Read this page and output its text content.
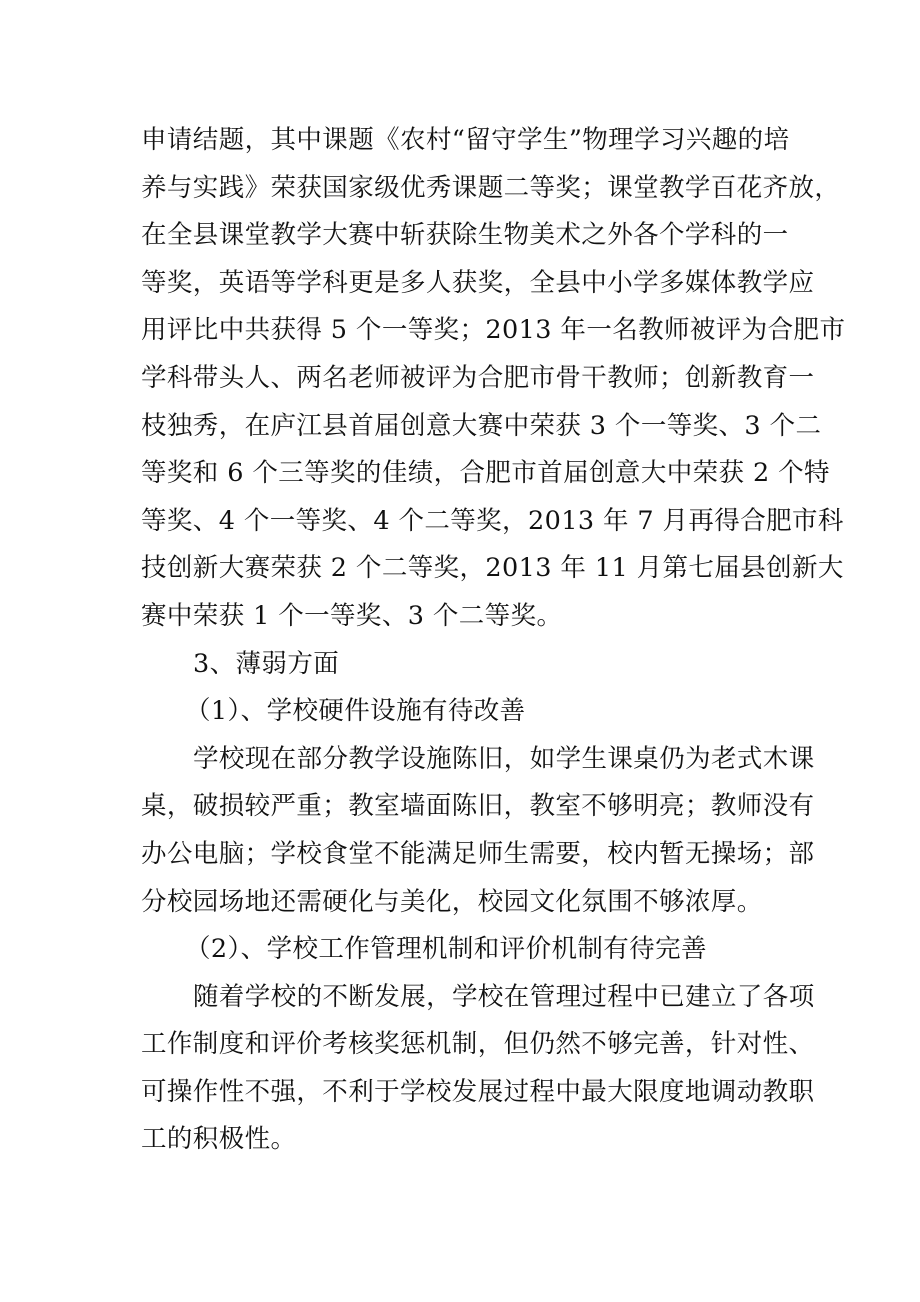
申请结题，其中课题《农村“留守学生”物理学习兴趣的培
养与实践》荣获国家级优秀课题二等奖；课堂教学百花齐放，
在全县课堂教学大赛中斩获除生物美术之外各个学科的一
等奖，英语等学科更是多人获奖，全县中小学多媒体教学应
用评比中共获得 5 个一等奖；2013 年一名教师被评为合肥市
学科带头人、两名老师被评为合肥市骨干教师；创新教育一
枝独秀，在庐江县首届创意大赛中荣获 3 个一等奖、3 个二
等奖和 6 个三等奖的佳绩，合肥市首届创意大中荣获 2 个特
等奖、4 个一等奖、4 个二等奖，2013 年 7 月再得合肥市科
技创新大赛荣获 2 个二等奖，2013 年 11 月第七届县创新大
赛中荣获 1 个一等奖、3 个二等奖。
3、薄弱方面
（1）、学校硬件设施有待改善
学校现在部分教学设施陈旧，如学生课桌仍为老式木课
桌，破损较严重；教室墙面陈旧，教室不够明亮；教师没有
办公电脑；学校食堂不能满足师生需要，校内暂无操场；部
分校园场地还需硬化与美化，校园文化氛围不够浓厚。
（2）、学校工作管理机制和评价机制有待完善
随着学校的不断发展，学校在管理过程中已建立了各项
工作制度和评价考核奖惩机制，但仍然不够完善，针对性、
可操作性不强，不利于学校发展过程中最大限度地调动教职
工的积极性。
